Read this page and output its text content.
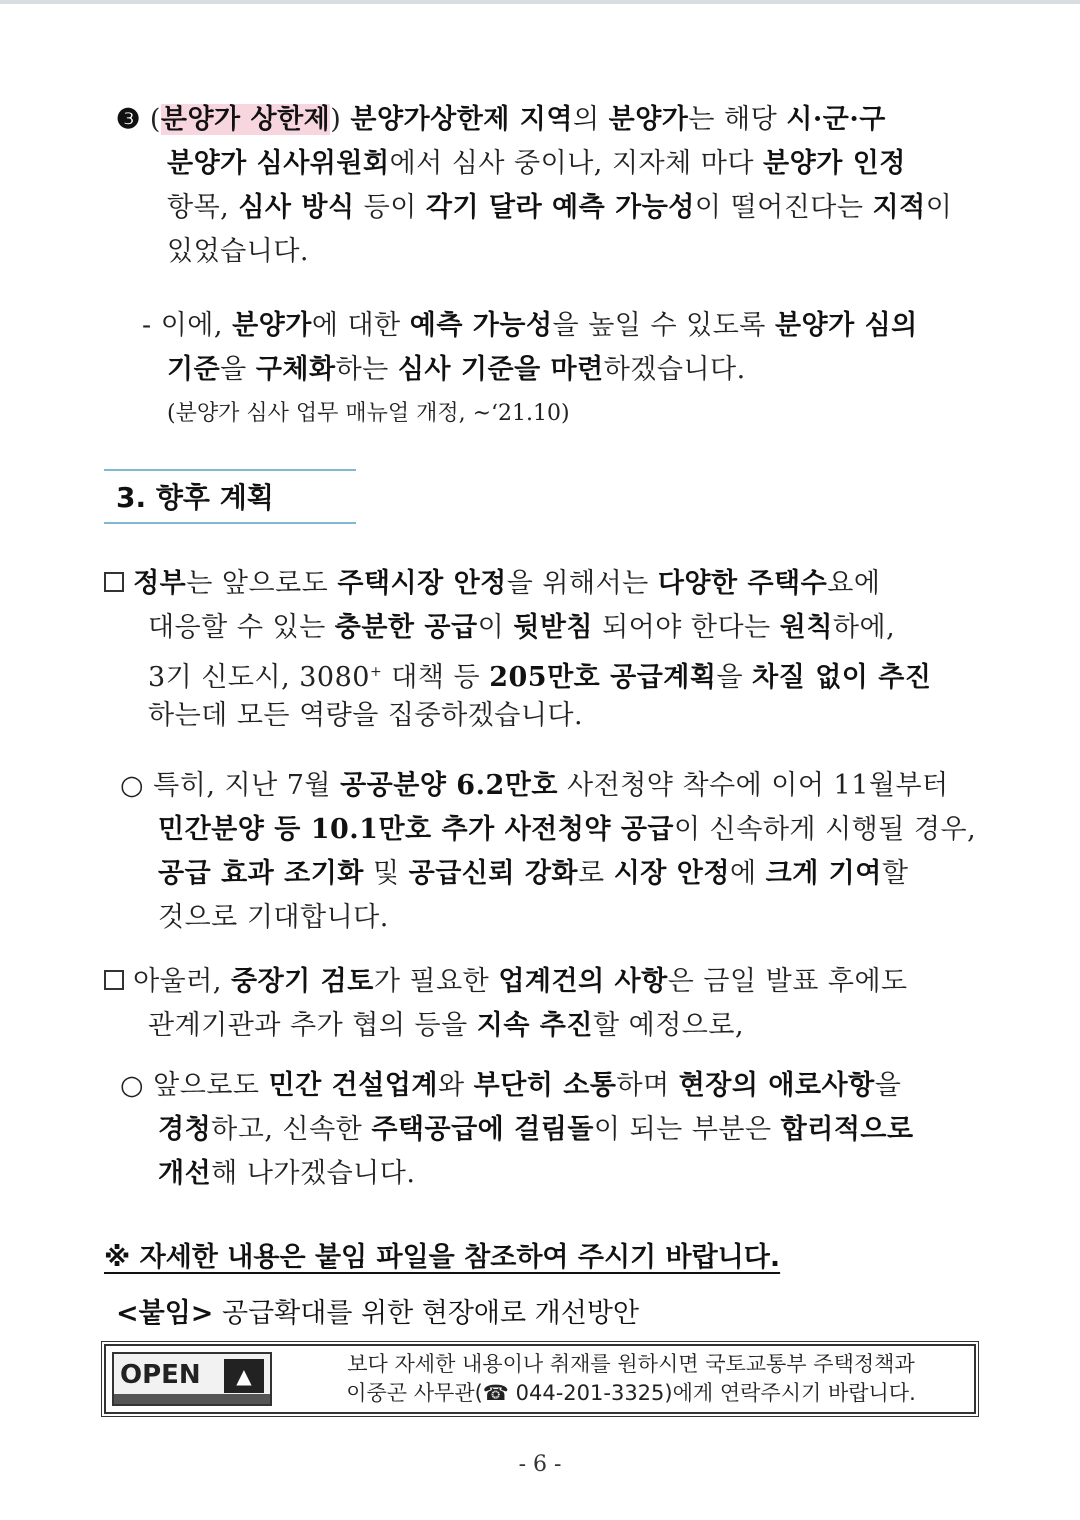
❸ (분양가 상한제) 분양가상한제 지역의 분양가는 해당 시·군·구
분양가 심사위원회에서 심사 중이나, 지자체 마다 분양가 인정
항목, 심사 방식 등이 각기 달라 예측 가능성이 떨어진다는 지적이
있었습니다.
- 이에, 분양가에 대한 예측 가능성을 높일 수 있도록 분양가 심의
기준을 구체화하는 심사 기준을 마련하겠습니다.
(분양가 심사 업무 매뉴얼 개정, ~‘21.10)
3. 향후 계획
정부는 앞으로도 주택시장 안정을 위해서는 다양한 주택수요에
대응할 수 있는 충분한 공급이 뒷받침 되어야 한다는 원칙하에,
3기 신도시, 3080+ 대책 등 205만호 공급계획을 차질 없이 추진
하는데 모든 역량을 집중하겠습니다.
○ 특히, 지난 7월 공공분양 6.2만호 사전청약 착수에 이어 11월부터
민간분양 등 10.1만호 추가 사전청약 공급이 신속하게 시행될 경우,
공급 효과 조기화 및 공급신뢰 강화로 시장 안정에 크게 기여할
것으로 기대합니다.
아울러, 중장기 검토가 필요한 업계건의 사항은 금일 발표 후에도
관계기관과 추가 협의 등을 지속 추진할 예정으로,
○ 앞으로도 민간 건설업계와 부단히 소통하며 현장의 애로사항을
경청하고, 신속한 주택공급에 걸림돌이 되는 부분은 합리적으로
개선해 나가겠습니다.
※ 자세한 내용은 붙임 파일을 참조하여 주시기 바랍니다.
<붙임> 공급확대를 위한 현장애로 개선방안
OPEN	▲	보다 자세한 내용이나 취재를 원하시면 국토교통부 주택정책과
이중곤 사무관(☎ 044-201-3325)에게 연락주시기 바랍니다.
- 6 -
